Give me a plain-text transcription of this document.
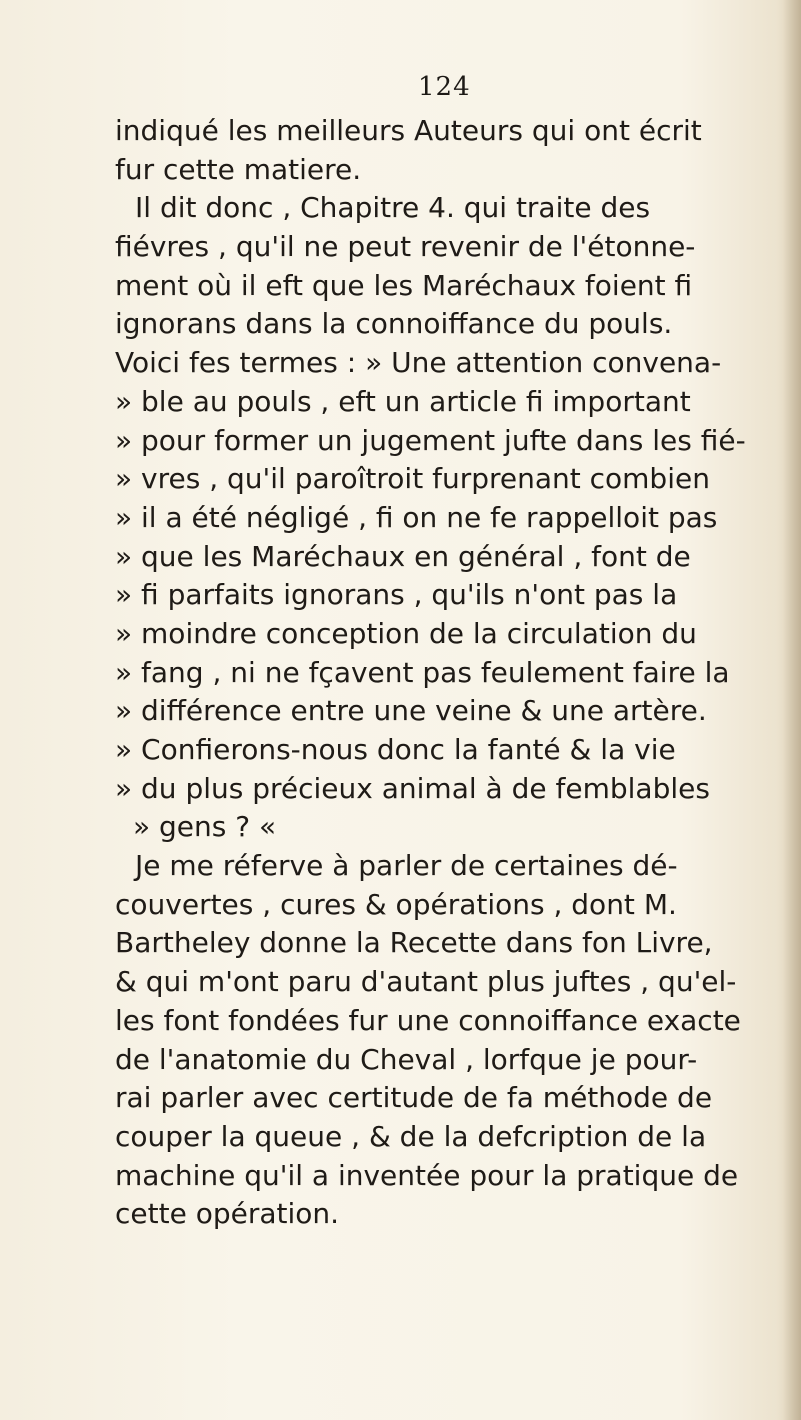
124
indiqué les meilleurs Auteurs qui ont écrit
fur cette matiere.
Il dit donc , Chapitre 4. qui traite des
fiévres , qu'il ne peut revenir de l'étonne-
ment où il eft que les Maréchaux foient fi
ignorans dans la connoiffance du pouls.
Voici fes termes : » Une attention convena-
» ble au pouls , eft un article fi important
» pour former un jugement jufte dans les fié-
» vres , qu'il paroîtroit furprenant combien
» il a été négligé , fi on ne fe rappelloit pas
» que les Maréchaux en général , font de
» fi parfaits ignorans , qu'ils n'ont pas la
» moindre conception de la circulation du
» fang , ni ne fçavent pas feulement faire la
» différence entre une veine & une artère.
» Confierons-nous donc la fanté & la vie
» du plus précieux animal à de femblables
» gens ? «
Je me réferve à parler de certaines dé-
couvertes , cures & opérations , dont M.
Bartheley donne la Recette dans fon Livre,
& qui m'ont paru d'autant plus juftes , qu'el-
les font fondées fur une connoiffance exacte
de l'anatomie du Cheval , lorfque je pour-
rai parler avec certitude de fa méthode de
couper la queue , & de la defcription de la
machine qu'il a inventée pour la pratique de
cette opération.
